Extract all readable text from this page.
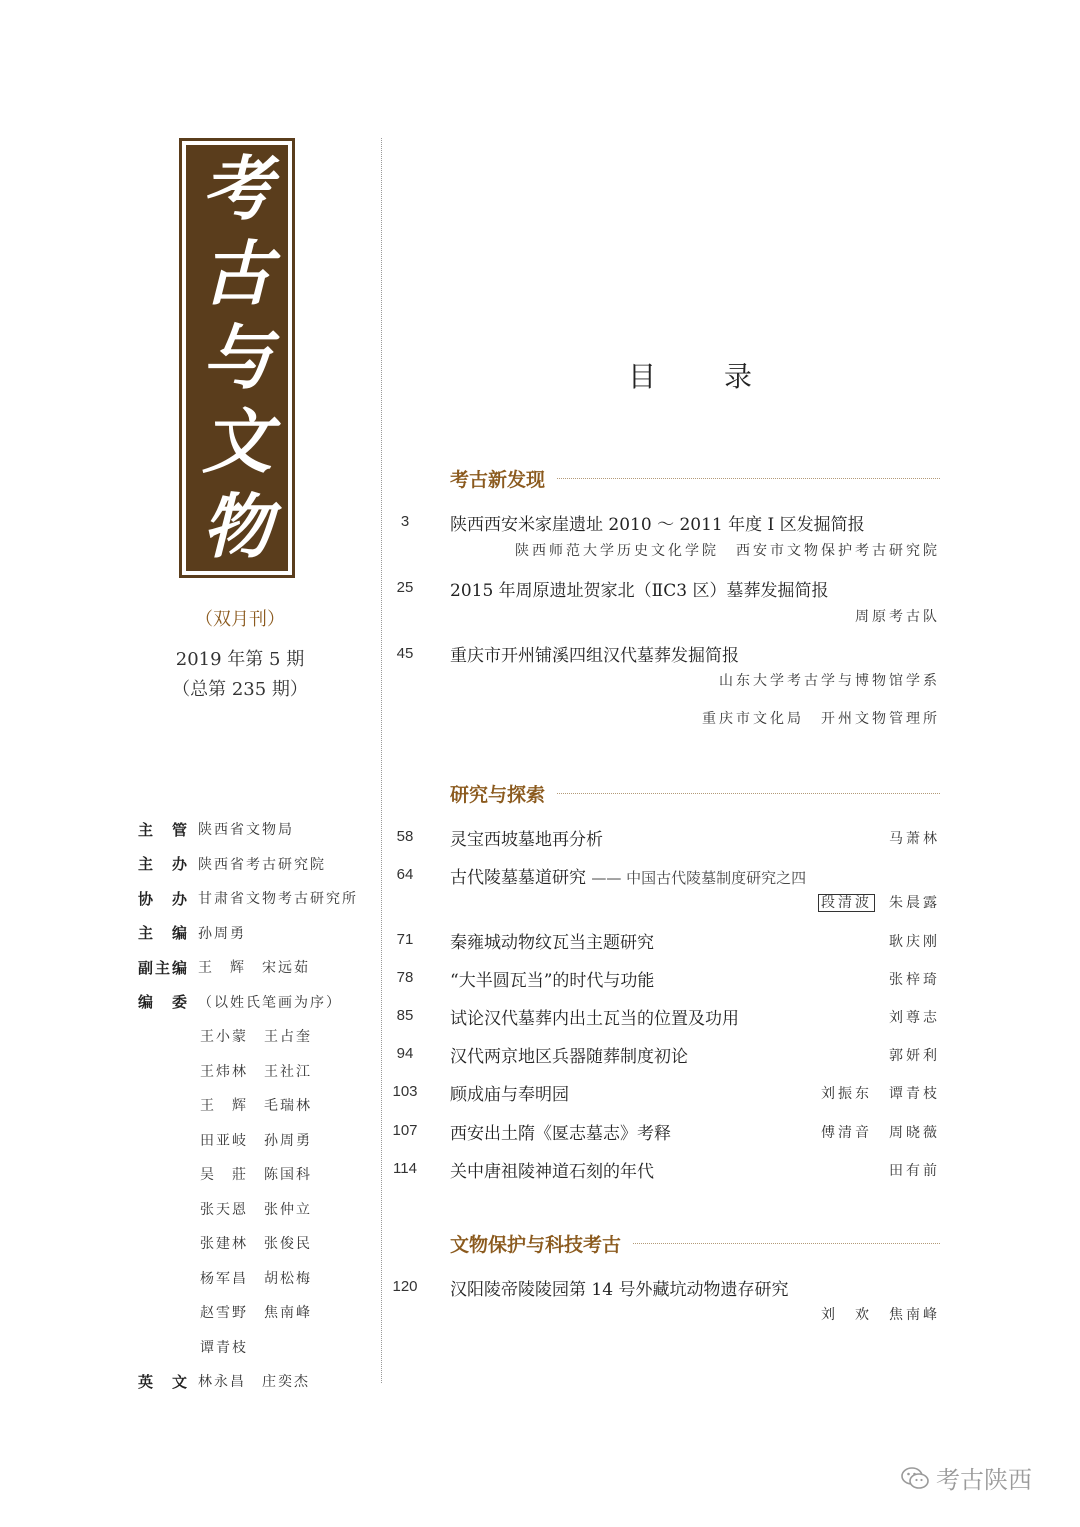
考
古
与
文
物
（双月刊）
2019 年第 5 期
（总第 235 期）
主　管 陕西省文物局
主　办 陕西省考古研究院
协　办 甘肃省文物考古研究所
主　编 孙周勇
副主编 王　辉　宋远茹
编　委 （以姓氏笔画为序）
王小蒙 王占奎
王炜林 王社江
王　辉 毛瑞林
田亚岐 孙周勇
吴　莊 陈国科
张天恩 张仲立
张建林 张俊民
杨军昌 胡松梅
赵雪野 焦南峰
谭青枝
英　文 林永昌　庄奕杰
目　录
考古新发现
3	陕西西安米家崖遗址 2010 ～ 2011 年度 I 区发掘简报
陕西师范大学历史文化学院　西安市文物保护考古研究院
25	2015 年周原遗址贺家北（ⅡC3 区）墓葬发掘简报
周原考古队
45	重庆市开州铺溪四组汉代墓葬发掘简报
山东大学考古学与博物馆学系
重庆市文化局　开州文物管理所
研究与探索
58	灵宝西坡墓地再分析	马萧林
64	古代陵墓墓道研究 —— 中国古代陵墓制度研究之四
段清波 朱晨露
71	秦雍城动物纹瓦当主题研究	耿庆刚
78	“大半圆瓦当”的时代与功能	张梓琦
85	试论汉代墓葬内出土瓦当的位置及功用	刘尊志
94	汉代两京地区兵器随葬制度初论	郭妍利
103	顾成庙与奉明园	刘振东　谭青枝
107	西安出土隋《匽志墓志》考释	傅清音　周晓薇
114	关中唐祖陵神道石刻的年代	田有前
文物保护与科技考古
120	汉阳陵帝陵陵园第 14 号外藏坑动物遗存研究
刘　欢　焦南峰
考古陕西
